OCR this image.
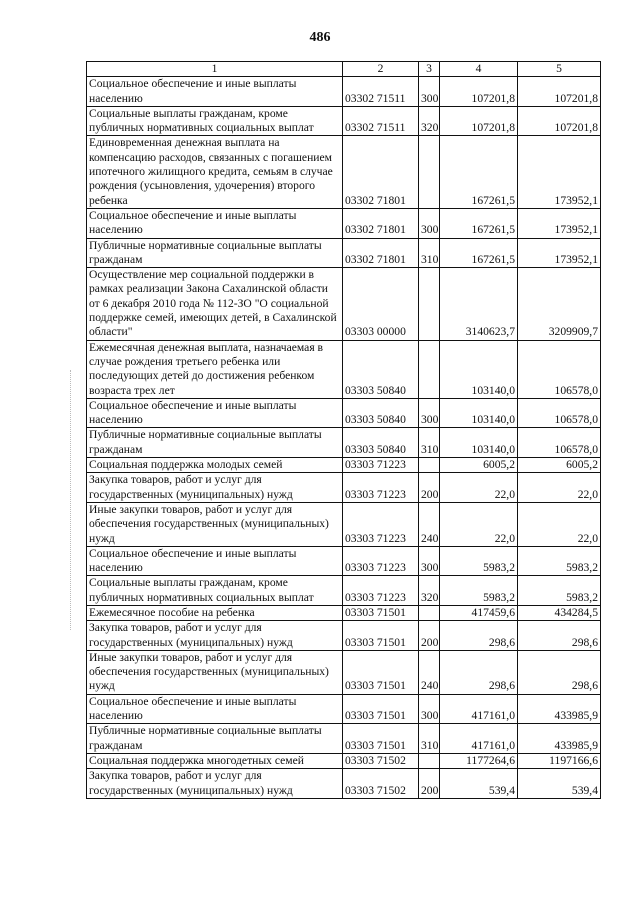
486
1	2	3	4	5
Социальное обеспечение и иные выплаты населению	03302 71511	300	107201,8	107201,8
Социальные выплаты гражданам, кроме публичных нормативных социальных выплат	03302 71511	320	107201,8	107201,8
Единовременная денежная выплата на компенсацию расходов, связанных с погашением ипотечного жилищного кредита, семьям в случае рождения (усыновления, удочерения) второго ребенка	03302 71801		167261,5	173952,1
Социальное обеспечение и иные выплаты населению	03302 71801	300	167261,5	173952,1
Публичные нормативные социальные выплаты гражданам	03302 71801	310	167261,5	173952,1
Осуществление мер социальной поддержки в рамках реализации Закона Сахалинской области от 6 декабря 2010 года № 112-ЗО "О социальной поддержке семей, имеющих детей, в Сахалинской области"	03303 00000		3140623,7	3209909,7
Ежемесячная денежная выплата, назначаемая в случае рождения третьего ребенка или последующих детей до достижения ребенком возраста трех лет	03303 50840		103140,0	106578,0
Социальное обеспечение и иные выплаты населению	03303 50840	300	103140,0	106578,0
Публичные нормативные социальные выплаты гражданам	03303 50840	310	103140,0	106578,0
Социальная поддержка молодых семей	03303 71223		6005,2	6005,2
Закупка товаров, работ и услуг для государственных (муниципальных) нужд	03303 71223	200	22,0	22,0
Иные закупки товаров, работ и услуг для обеспечения государственных (муниципальных) нужд	03303 71223	240	22,0	22,0
Социальное обеспечение и иные выплаты населению	03303 71223	300	5983,2	5983,2
Социальные выплаты гражданам, кроме публичных нормативных социальных выплат	03303 71223	320	5983,2	5983,2
Ежемесячное пособие на ребенка	03303 71501		417459,6	434284,5
Закупка товаров, работ и услуг для государственных (муниципальных) нужд	03303 71501	200	298,6	298,6
Иные закупки товаров, работ и услуг для обеспечения государственных (муниципальных) нужд	03303 71501	240	298,6	298,6
Социальное обеспечение и иные выплаты населению	03303 71501	300	417161,0	433985,9
Публичные нормативные социальные выплаты гражданам	03303 71501	310	417161,0	433985,9
Социальная поддержка многодетных семей	03303 71502		1177264,6	1197166,6
Закупка товаров, работ и услуг для государственных (муниципальных) нужд	03303 71502	200	539,4	539,4
